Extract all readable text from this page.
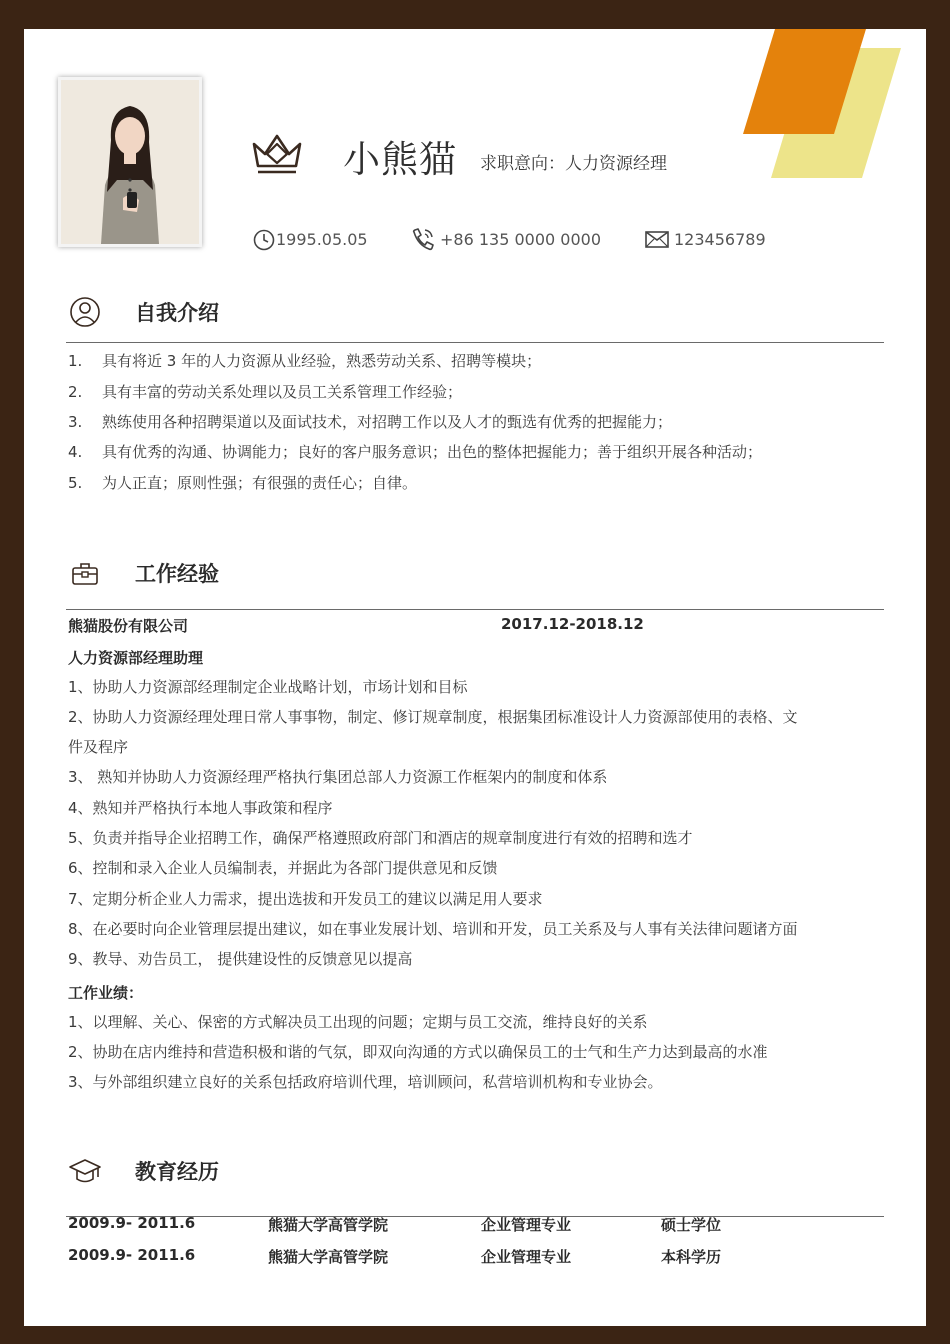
小熊猫 求职意向：人力资源经理
1995.05.05	+86 135 0000 0000	123456789
自我介绍
1. 具有将近 3 年的人力资源从业经验，熟悉劳动关系、招聘等模块；
2. 具有丰富的劳动关系处理以及员工关系管理工作经验；
3. 熟练使用各种招聘渠道以及面试技术，对招聘工作以及人才的甄选有优秀的把握能力；
4. 具有优秀的沟通、协调能力；良好的客户服务意识；出色的整体把握能力；善于组织开展各种活动；
5. 为人正直；原则性强；有很强的责任心；自律。
工作经验
熊猫股份有限公司	2017.12-2018.12
人力资源部经理助理
1、协助人力资源部经理制定企业战略计划，市场计划和目标
2、协助人力资源经理处理日常人事事物，制定、修订规章制度，根据集团标准设计人力资源部使用的表格、文
件及程序
3、 熟知并协助人力资源经理严格执行集团总部人力资源工作框架内的制度和体系
4、熟知并严格执行本地人事政策和程序
5、负责并指导企业招聘工作，确保严格遵照政府部门和酒店的规章制度进行有效的招聘和选才
6、控制和录入企业人员编制表，并据此为各部门提供意见和反馈
7、定期分析企业人力需求，提出选拔和开发员工的建议以满足用人要求
8、在必要时向企业管理层提出建议，如在事业发展计划、培训和开发，员工关系及与人事有关法律问题诸方面
9、教导、劝告员工， 提供建设性的反馈意见以提高
工作业绩：
1、以理解、关心、保密的方式解决员工出现的问题；定期与员工交流，维持良好的关系
2、协助在店内维持和营造积极和谐的气氛，即双向沟通的方式以确保员工的士气和生产力达到最高的水准
3、与外部组织建立良好的关系包括政府培训代理，培训顾问，私营培训机构和专业协会。
教育经历
2009.9- 2011.6	熊猫大学高管学院	企业管理专业	硕士学位
2009.9- 2011.6	熊猫大学高管学院	企业管理专业	本科学历
